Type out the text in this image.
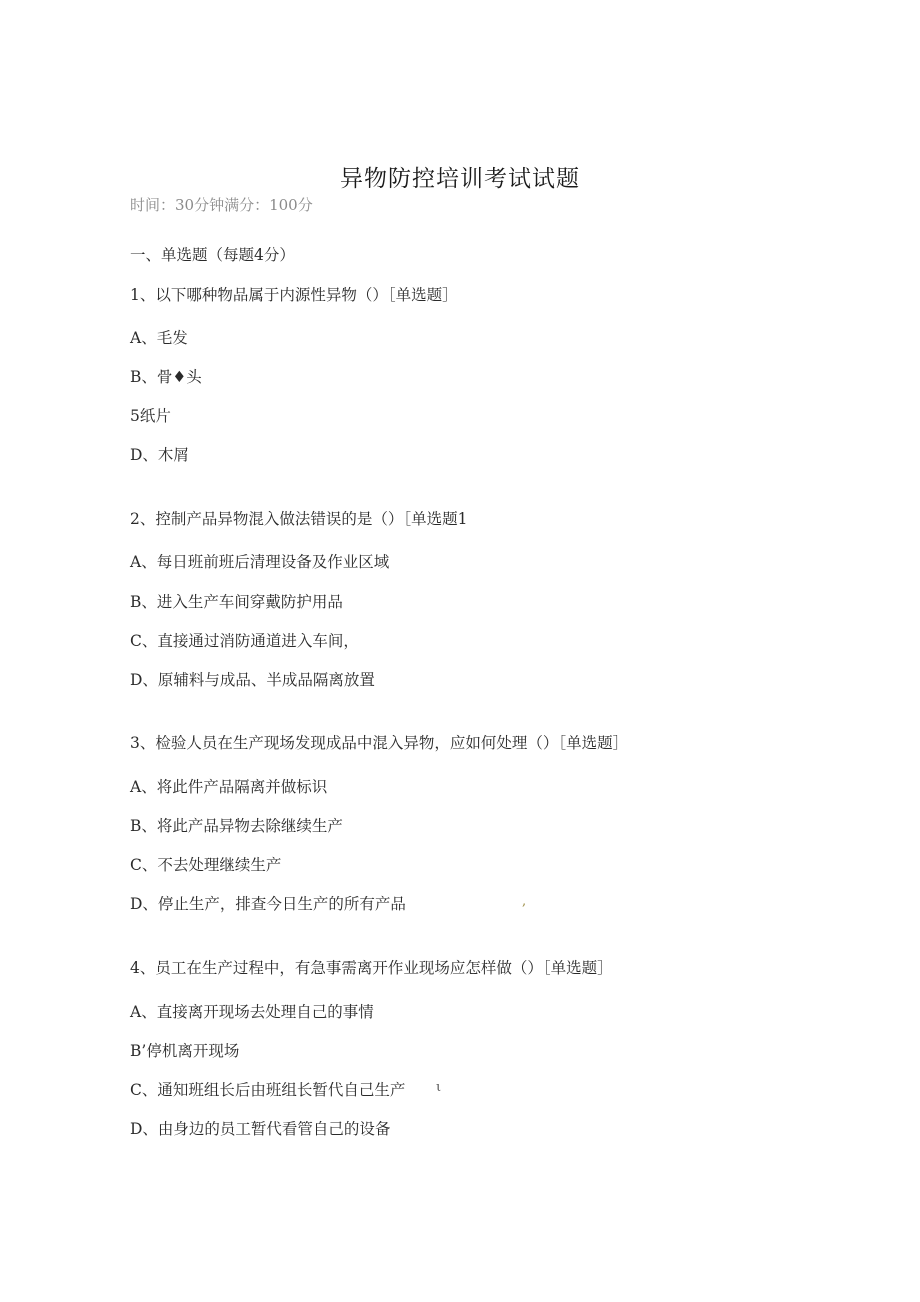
异物防控培训考试试题
时间：30分钟满分：100分
一、单选题（每题4分）
1、以下哪种物品属于内源性异物（）［单选题］
A、毛发
B、骨♦头
5纸片
D、木屑
2、控制产品异物混入做法错误的是（）［单选题1
A、每日班前班后清理设备及作业区域
B、进入生产车间穿戴防护用品
C、直接通过消防通道进入车间，
D、原辅料与成品、半成品隔离放置
3、检验人员在生产现场发现成品中混入异物，应如何处理（）［单选题］
A、将此件产品隔离并做标识
B、将此产品异物去除继续生产
C、不去处理继续生产
D、停止生产，排查今日生产的所有产品	,
4、员工在生产过程中，有急事需离开作业现场应怎样做（）［单选题］
A、直接离开现场去处理自己的事情
B’停机离开现场
C、通知班组长后由班组长暂代自己生产 ι
D、由身边的员工暂代看管自己的设备
